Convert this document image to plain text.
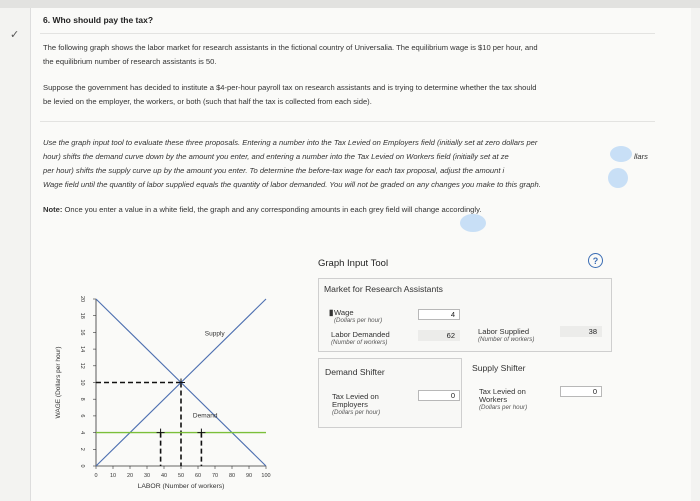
✓
6. Who should pay the tax?
The following graph shows the labor market for research assistants in the fictional country of Universalia. The equilibrium wage is $10 per hour, and
the equilibrium number of research assistants is 50.
Suppose the government has decided to institute a $4-per-hour payroll tax on research assistants and is trying to determine whether the tax should
be levied on the employer, the workers, or both (such that half the tax is collected from each side).
Use the graph input tool to evaluate these three proposals. Entering a number into the Tax Levied on Employers field (initially set at zero dollars per
hour) shifts the demand curve down by the amount you enter, and entering a number into the Tax Levied on Workers field (initially set at ze	llars
per hour) shifts the supply curve up by the amount you enter. To determine the before-tax wage for each tax proposal, adjust the amount i
Wage field until the quantity of labor supplied equals the quantity of labor demanded. You will not be graded on any changes you make to this graph.
Note: Once you enter a value in a white field, the graph and any corresponding amounts in each grey field will change accordingly.
0
2
4
6
8
10
12
14
16
18
20
0 10 20 30 40 50 60 70 80 90 100
LABOR (Number of workers)
WAGE (Dollars per hour)
Supply
Demand
Graph Input Tool	?
Market for Research Assistants
▮ Wage
(Dollars per hour)
4
Labor Demanded
(Number of workers)
62	Labor Supplied
(Number of workers)
38
Demand Shifter
Tax Levied on
Employers
(Dollars per hour)
0
Supply Shifter
Tax Levied on
Workers
(Dollars per hour)
0
